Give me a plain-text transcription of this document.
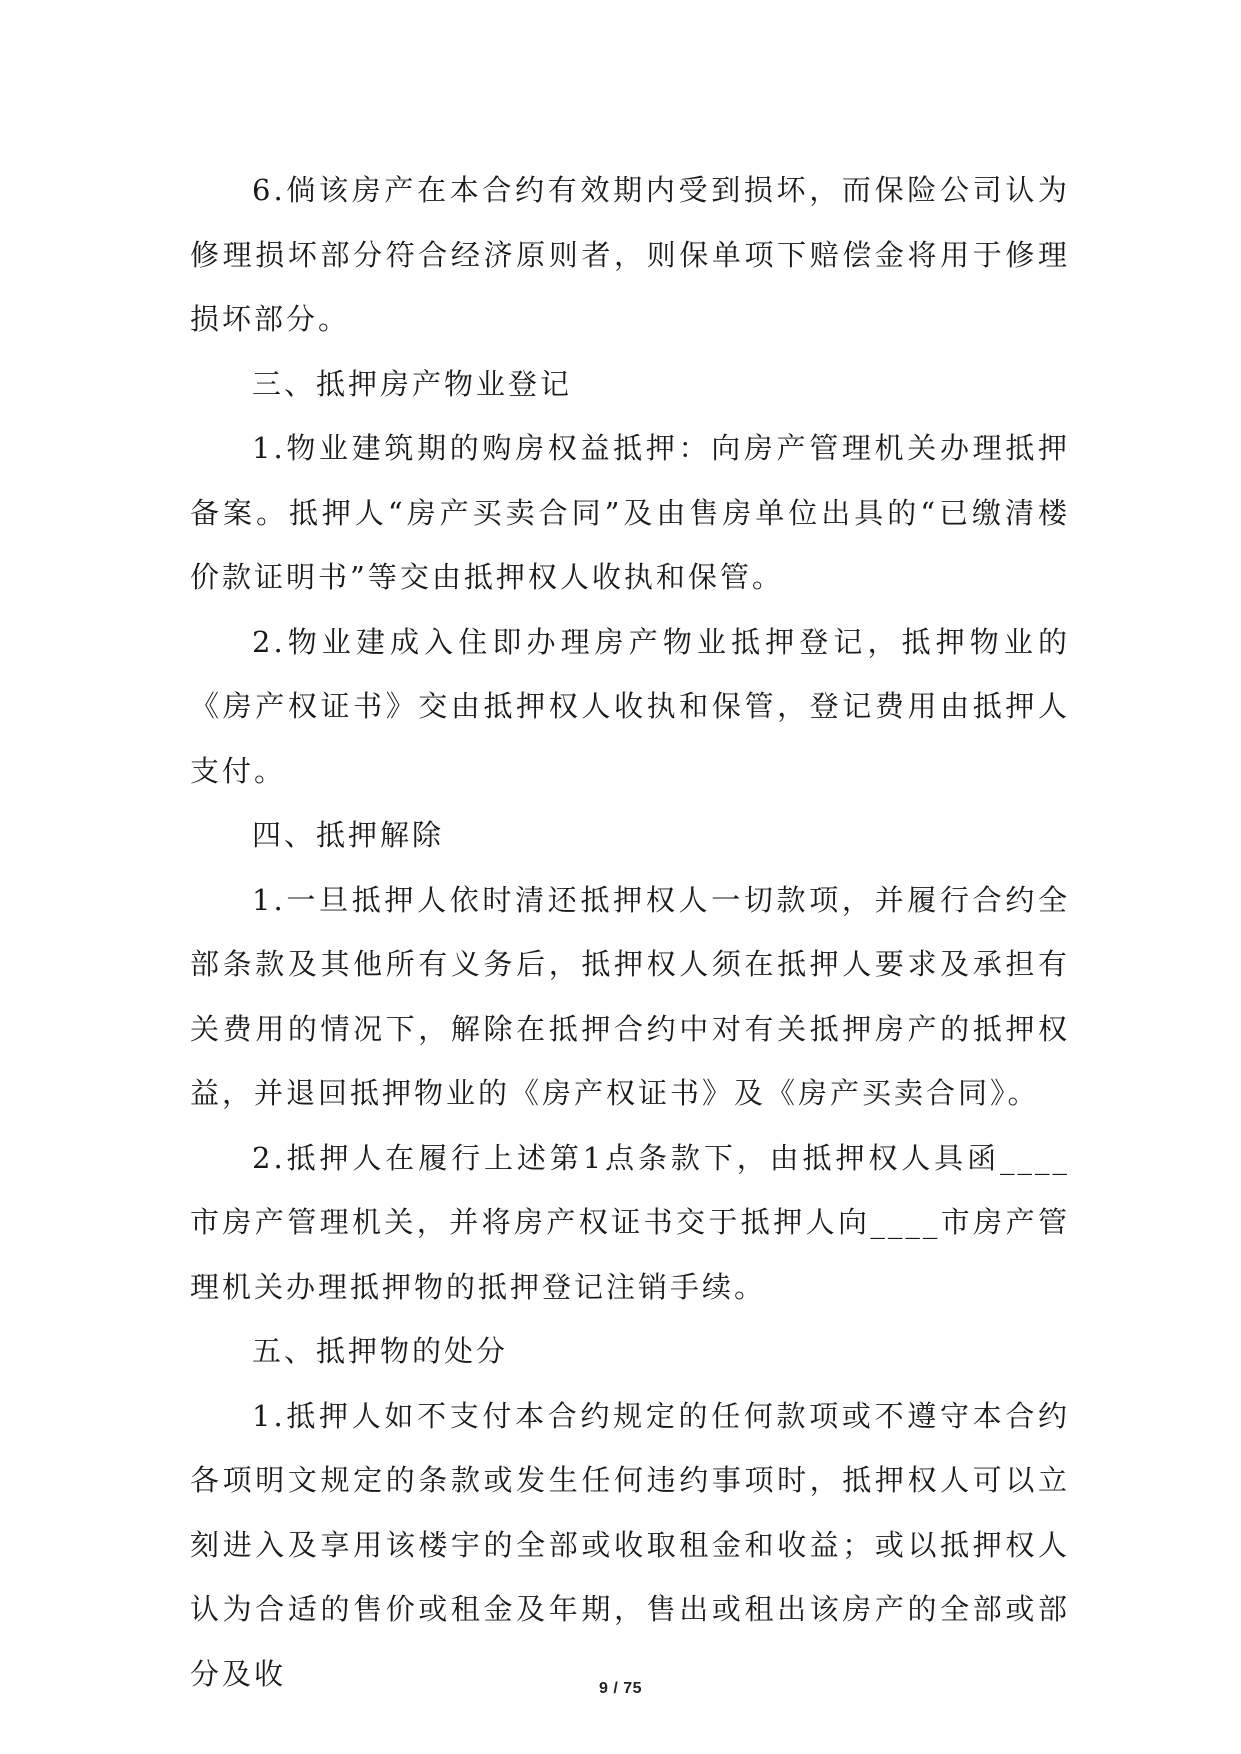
6.倘该房产在本合约有效期内受到损坏，而保险公司认为修理损坏部分符合经济原则者，则保单项下赔偿金将用于修理损坏部分。

三、抵押房产物业登记

1.物业建筑期的购房权益抵押：向房产管理机关办理抵押备案。抵押人“房产买卖合同”及由售房单位出具的“已缴清楼价款证明书”等交由抵押权人收执和保管。

2.物业建成入住即办理房产物业抵押登记，抵押物业的《房产权证书》交由抵押权人收执和保管，登记费用由抵押人支付。

四、抵押解除

1.一旦抵押人依时清还抵押权人一切款项，并履行合约全部条款及其他所有义务后，抵押权人须在抵押人要求及承担有关费用的情况下，解除在抵押合约中对有关抵押房产的抵押权益，并退回抵押物业的《房产权证书》及《房产买卖合同》。

2.抵押人在履行上述第1点条款下，由抵押权人具函____市房产管理机关，并将房产权证书交于抵押人向____市房产管理机关办理抵押物的抵押登记注销手续。

五、抵押物的处分

1.抵押人如不支付本合约规定的任何款项或不遵守本合约各项明文规定的条款或发生任何违约事项时，抵押权人可以立刻进入及享用该楼宇的全部或收取租金和收益；或以抵押权人认为合适的售价或租金及年期，售出或租出该房产的全部或部分及收	9 / 75
